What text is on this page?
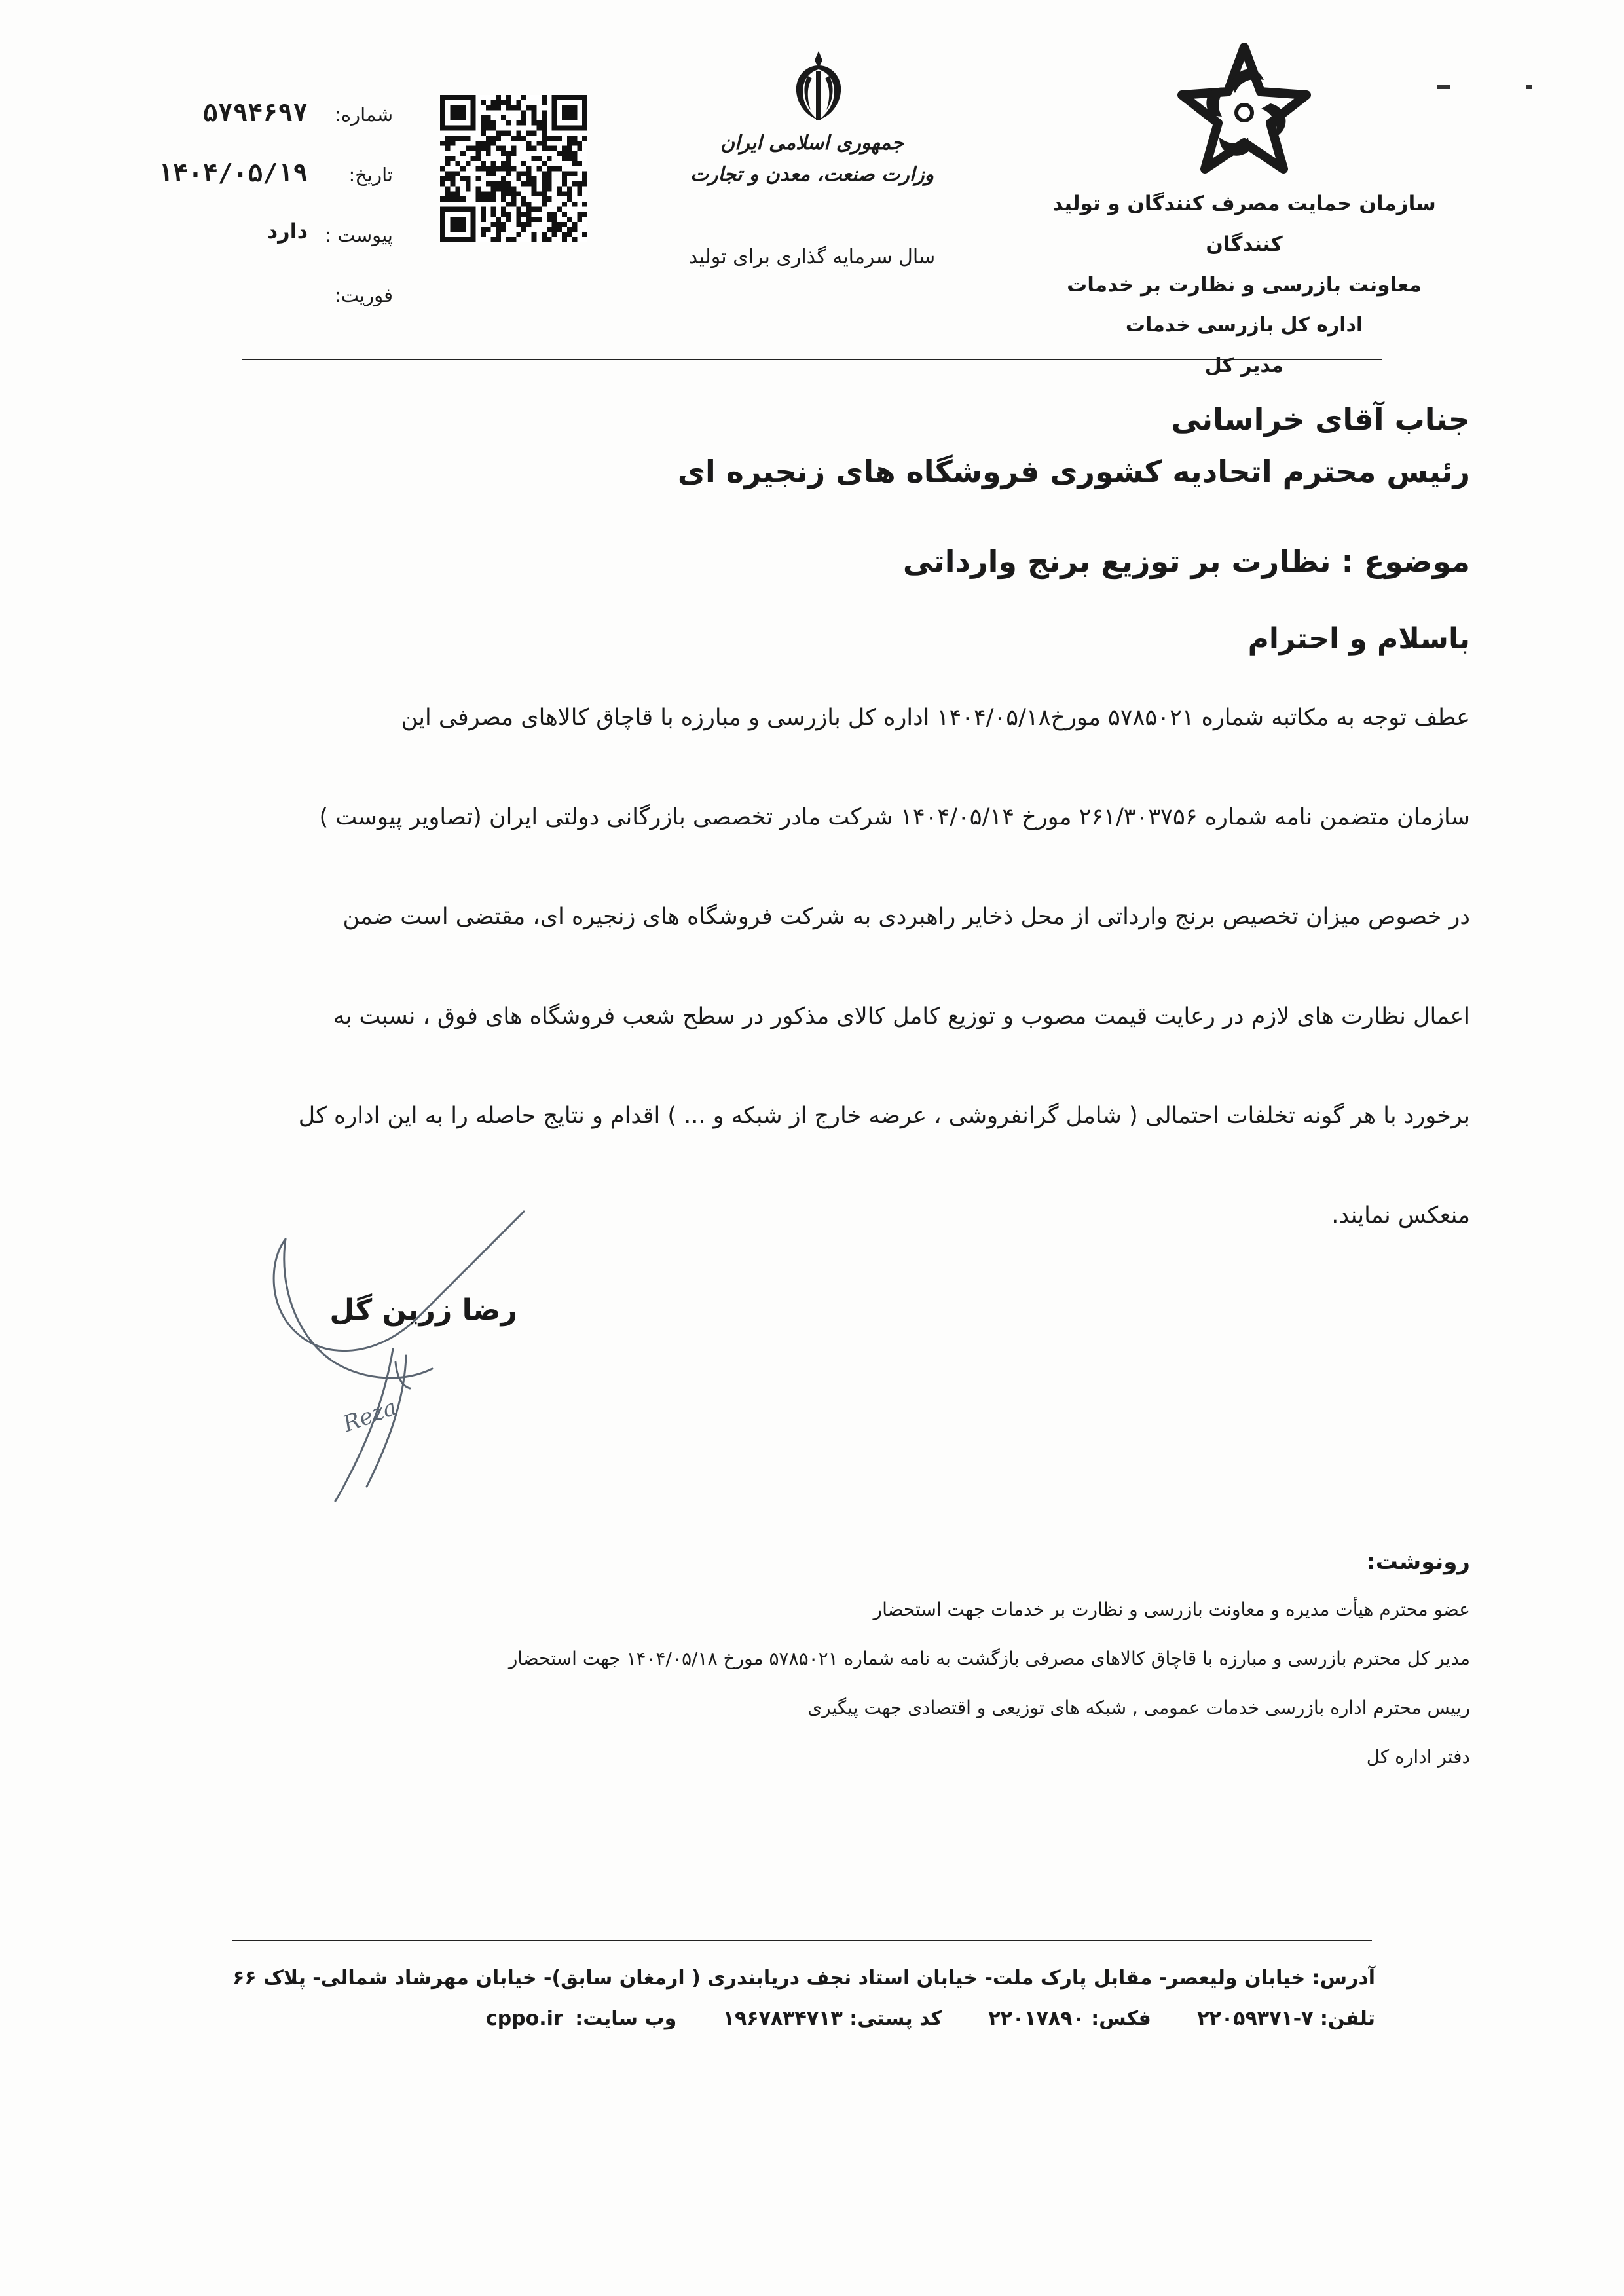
سازمان حمایت مصرف کنندگان و تولید کنندگان
معاونت بازرسی و نظارت بر خدمات
اداره کل بازرسی خدمات
مدیر کل
جمهوری اسلامی ایران
وزارت صنعت، معدن و تجارت
سال سرمایه گذاری برای تولید
شماره:
۵۷۹۴۶۹۷
تاریخ:
۱۴۰۴/۰۵/۱۹
پیوست :
دارد
فوریت:
جناب آقای خراسانی
رئیس محترم اتحادیه کشوری فروشگاه های زنجیره ای
موضوع : نظارت بر توزیع برنج وارداتی
باسلام و احترام
عطف توجه به مکاتبه شماره ۵۷۸۵۰۲۱ مورخ۱۴۰۴/۰۵/۱۸ اداره کل بازرسی و مبارزه با قاچاق کالاهای مصرفی این
سازمان متضمن نامه شماره ۲۶۱/۳۰۳۷۵۶ مورخ ۱۴۰۴/۰۵/۱۴ شرکت مادر تخصصی بازرگانی دولتی ایران (تصاویر پیوست )
در خصوص میزان تخصیص برنج وارداتی از محل ذخایر راهبردی به شرکت فروشگاه های زنجیره ای، مقتضی است ضمن
اعمال نظارت های لازم در رعایت قیمت مصوب و توزیع کامل کالای مذکور در سطح شعب فروشگاه های فوق ، نسبت به
برخورد با هر گونه تخلفات احتمالی ( شامل گرانفروشی ، عرضه خارج از شبکه و ... ) اقدام و نتایج حاصله را به این اداره کل
منعکس نمایند.
Reza
رضا زرین گل
رونوشت:
عضو محترم هیأت مدیره و معاونت بازرسی و نظارت بر خدمات جهت استحضار
مدیر کل محترم بازرسی و مبارزه با قاچاق کالاهای مصرفی بازگشت به نامه شماره ۵۷۸۵۰۲۱ مورخ ۱۴۰۴/۰۵/۱۸ جهت استحضار
رییس محترم اداره بازرسی خدمات عمومی , شبکه های توزیعی و اقتصادی جهت پیگیری
دفتر اداره کل
آدرس: خیابان ولیعصر- مقابل پارک ملت- خیابان استاد نجف دریابندری ( ارمغان سابق)- خیابان مهرشاد شمالی- پلاک ۶۶
تلفن: ۷-۲۲۰۵۹۳۷۱ فکس: ۲۲۰۱۷۸۹۰ کد پستی: ۱۹۶۷۸۳۴۷۱۳ وب سایت: cppo.ir
